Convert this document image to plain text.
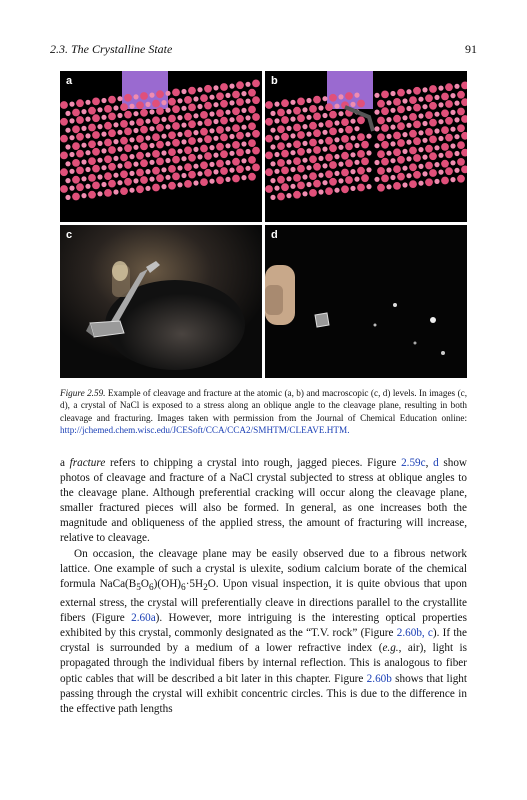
2.3. The Crystalline State	91
a	b
c	d
Figure 2.59. Example of cleavage and fracture at the atomic (a, b) and macroscopic (c, d) levels. In images (c, d), a crystal of NaCl is exposed to a stress along an oblique angle to the cleavage plane, resulting in both cleavage and fracturing. Images taken with permission from the Journal of Chemical Education online: http://jchemed.chem.wisc.edu/JCESoft/CCA/CCA2/SMHTM/CLEAVE.HTM.

a fracture refers to chipping a crystal into rough, jagged pieces. Figure 2.59c, d show photos of cleavage and fracture of a NaCl crystal subjected to stress at oblique angles to the cleavage plane. Although preferential cracking will occur along the cleavage plane, smaller fractured pieces will also be formed. In general, as one increases both the magnitude and obliqueness of the applied stress, the amount of fracturing will increase, relative to cleavage.

On occasion, the cleavage plane may be easily observed due to a fibrous network lattice. One example of such a crystal is ulexite, sodium calcium borate of the chemical formula $NaCa(B_5O_6)(OH)_6\cdot 5H_2O$. Upon visual inspection, it is quite obvious that upon external stress, the crystal will preferentially cleave in directions parallel to the crystallite fibers (Figure 2.60a). However, more intriguing is the interesting optical properties exhibited by this crystal, commonly designated as the “T.V. rock” (Figure 2.60b, c). If the crystal is surrounded by a medium of a lower refractive index (e.g., air), light is propagated through the individual fibers by internal reflection. This is analogous to fiber optic cables that will be described a bit later in this chapter. Figure 2.60b shows that light passing through the crystal will exhibit concentric circles. This is due to the difference in the effective path lengths
